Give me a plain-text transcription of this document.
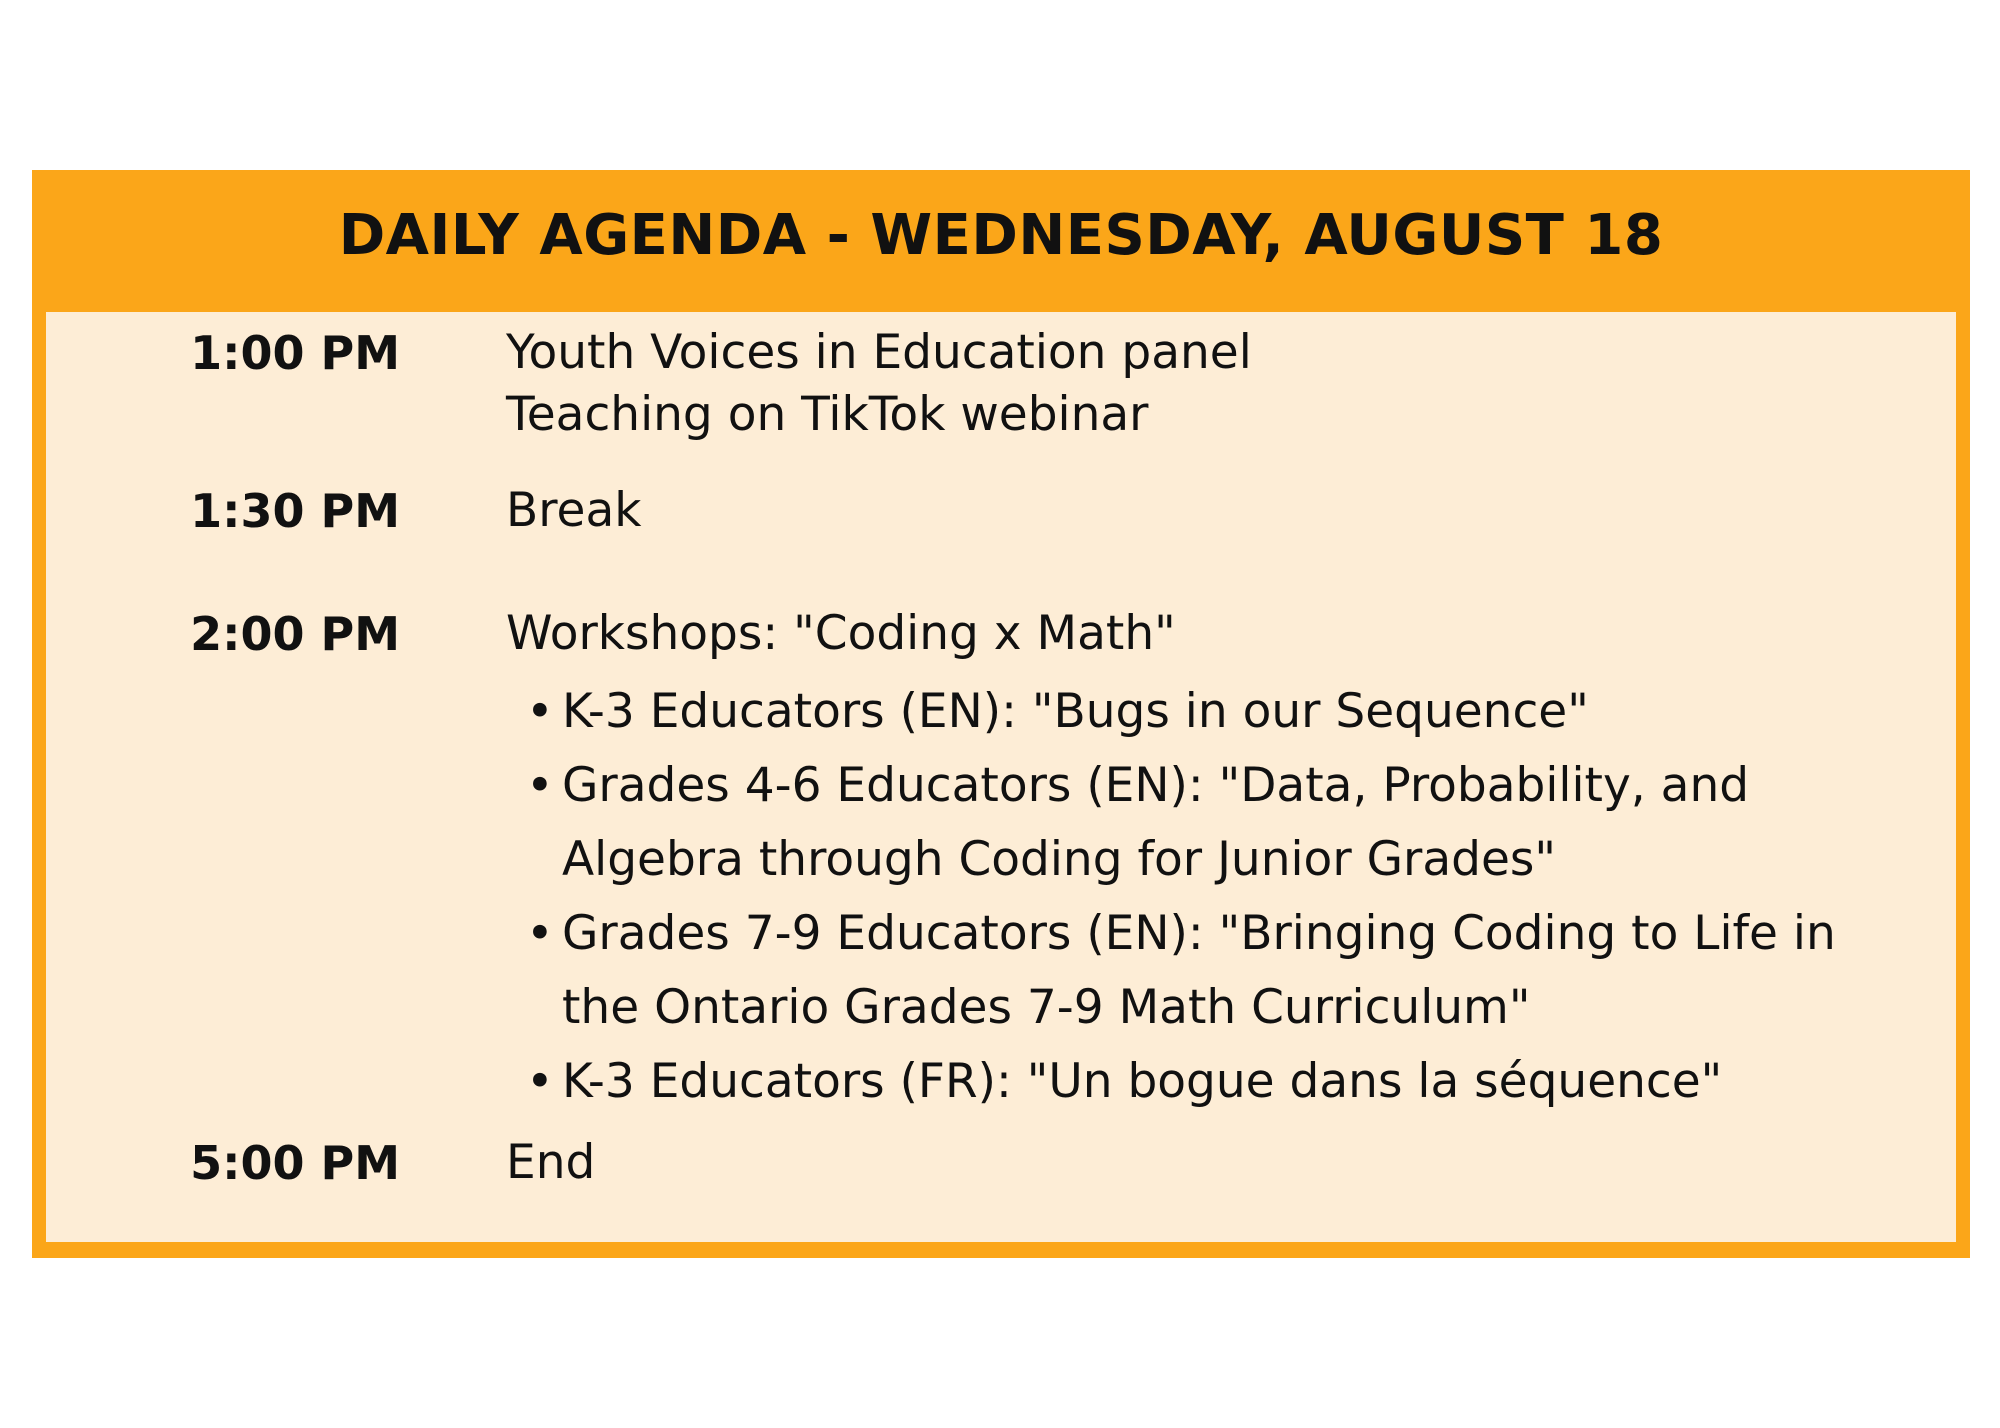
DAILY AGENDA - WEDNESDAY, AUGUST 18
1:00 PM Youth Voices in Education panel
Teaching on TikTok webinar
1:30 PM Break
2:00 PM Workshops: "Coding x Math"
• K-3 Educators (EN): "Bugs in our Sequence"
• Grades 4-6 Educators (EN): "Data, Probability, and
Algebra through Coding for Junior Grades"
• Grades 7-9 Educators (EN): "Bringing Coding to Life in
the Ontario Grades 7-9 Math Curriculum"
• K-3 Educators (FR): "Un bogue dans la séquence"
5:00 PM End
